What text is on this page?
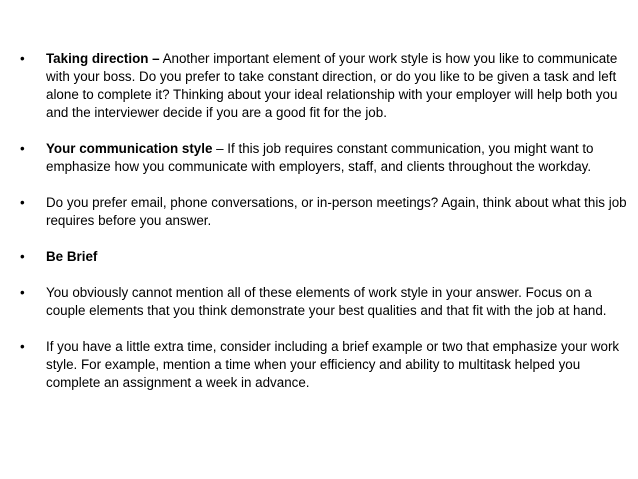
•	Taking direction – Another important element of your work style is how you like to communicate with your boss. Do you prefer to take constant direction, or do you like to be given a task and left alone to complete it? Thinking about your ideal relationship with your employer will help both you and the interviewer decide if you are a good fit for the job.
•	Your communication style – If this job requires constant communication, you might want to emphasize how you communicate with employers, staff, and clients throughout the workday.
•	Do you prefer email, phone conversations, or in-person meetings? Again, think about what this job requires before you answer.
•	Be Brief
•	You obviously cannot mention all of these elements of work style in your answer. Focus on a couple elements that you think demonstrate your best qualities and that fit with the job at hand.
•	If you have a little extra time, consider including a brief example or two that emphasize your work style. For example, mention a time when your efficiency and ability to multitask helped you complete an assignment a week in advance.
